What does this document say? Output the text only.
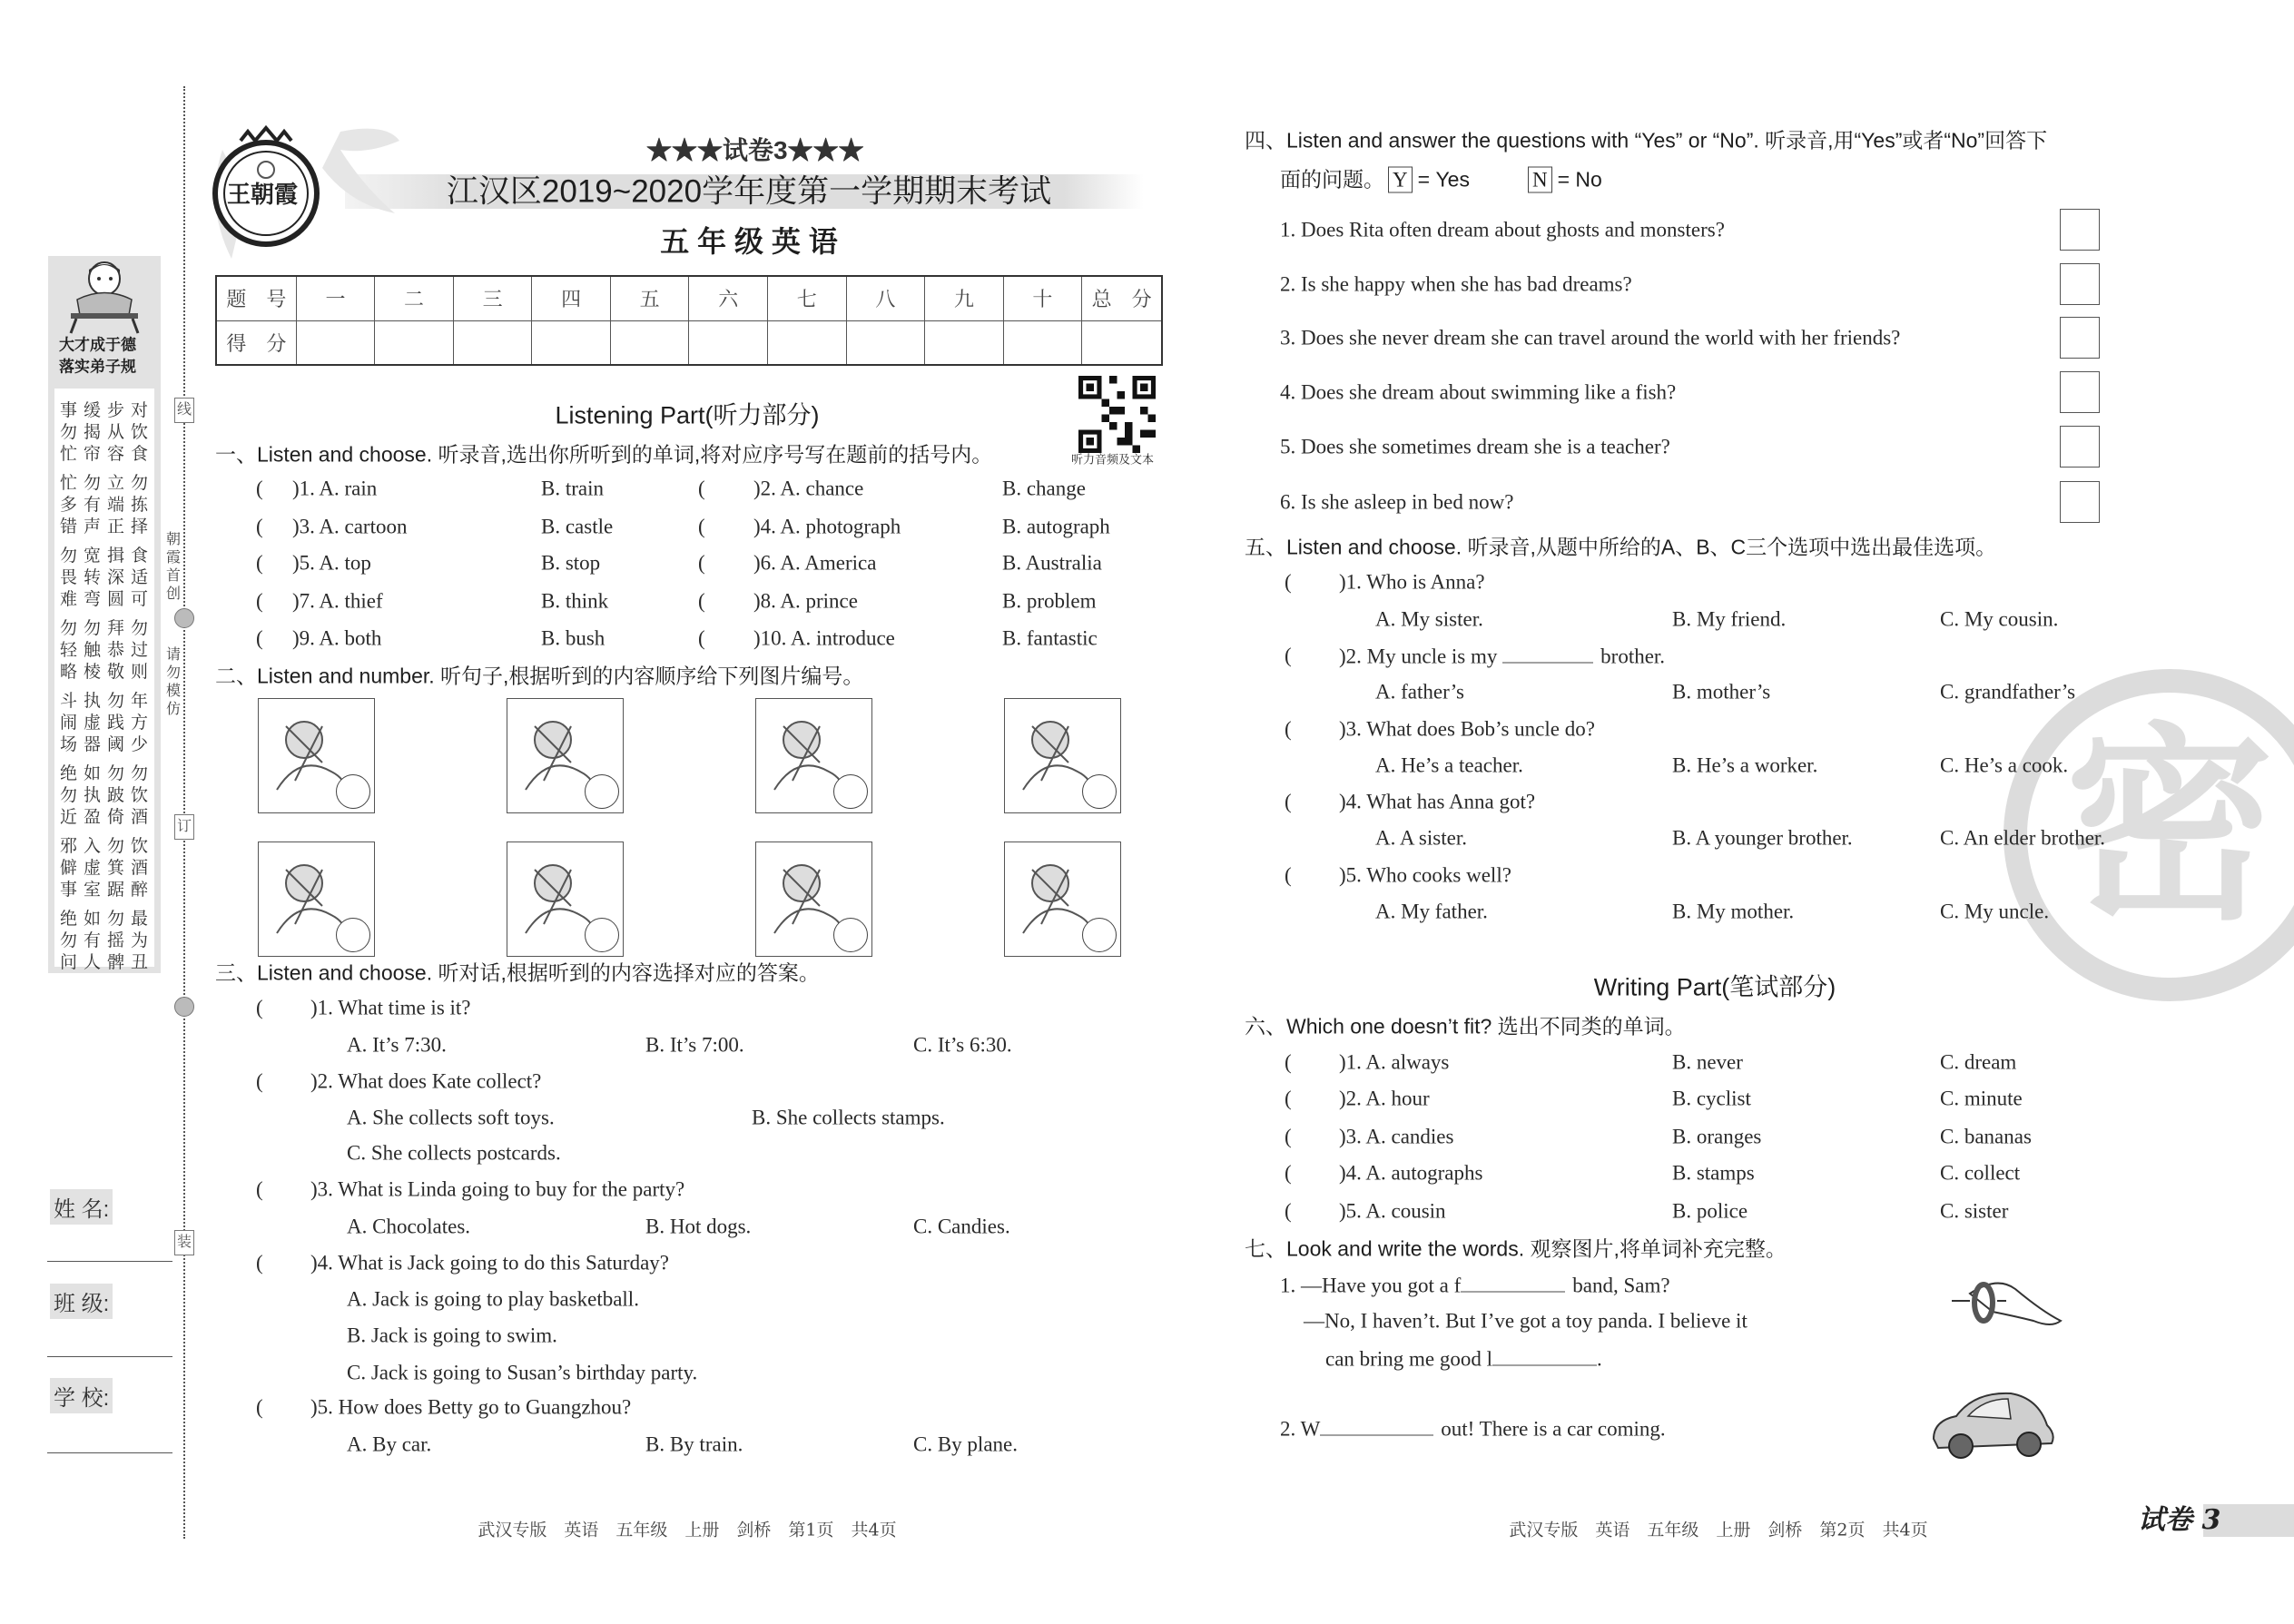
王朝霞
密
试卷 3
大才成于德
落实弟子规
事缓步对
勿揭从饮
忙帘容食
忙勿立勿
多有端拣
错声正择
勿宽揖食
畏转深适
难弯圆可
勿勿拜勿
轻触恭过
略棱敬则
斗执勿年
闹虚践方
场器阈少
绝如勿勿
勿执跛饮
近盈倚酒
邪入勿饮
僻虚箕酒
事室踞醉
绝如勿最
勿有摇为
问人髀丑
线
订
装
朝霞首创
请勿模仿
姓 名:
班 级:
学 校:
★★★试卷3★★★
江汉区2019~2020学年度第一学期期末考试
五 年 级 英 语
题　号	一	二	三	四	五	六	七	八	九	十	总　分
得　分											
Listening Part(听力部分)
听力音频及文本
一、Listen and choose. 听录音,选出你所听到的单词,将对应序号写在题前的括号内。
( )1. A. rain	B. train	( )2. A. chance	B. change
( )3. A. cartoon	B. castle	( )4. A. photograph	B. autograph
( )5. A. top	B. stop	( )6. A. America	B. Australia
( )7. A. thief	B. think	( )8. A. prince	B. problem
( )9. A. both	B. bush	( )10. A. introduce	B. fantastic
二、Listen and number. 听句子,根据听到的内容顺序给下列图片编号。
三、Listen and choose. 听对话,根据听到的内容选择对应的答案。
( )1. What time is it?
A. It’s 7:30.	B. It’s 7:00.	C. It’s 6:30.
( )2. What does Kate collect?
A. She collects soft toys.	B. She collects stamps.
C. She collects postcards.
( )3. What is Linda going to buy for the party?
A. Chocolates.	B. Hot dogs.	C. Candies.
( )4. What is Jack going to do this Saturday?
A. Jack is going to play basketball.
B. Jack is going to swim.
C. Jack is going to Susan’s birthday party.
( )5. How does Betty go to Guangzhou?
A. By car.	B. By train.	C. By plane.
武汉专版　英语　五年级　上册　剑桥　第1页　共4页
四、Listen and answer the questions with “Yes” or “No”. 听录音,用“Yes”或者“No”回答下
面的问题。 Y = Yes	N = No
1. Does Rita often dream about ghosts and monsters?
2. Is she happy when she has bad dreams?
3. Does she never dream she can travel around the world with her friends?
4. Does she dream about swimming like a fish?
5. Does she sometimes dream she is a teacher?
6. Is she asleep in bed now?
五、Listen and choose. 听录音,从题中所给的A、B、C三个选项中选出最佳选项。
( )1. Who is Anna?
A. My sister.	B. My friend.	C. My cousin.
( )2. My uncle is my	brother.
A. father’s	B. mother’s	C. grandfather’s
( )3. What does Bob’s uncle do?
A. He’s a teacher.	B. He’s a worker.	C. He’s a cook.
( )4. What has Anna got?
A. A sister.	B. A younger brother.	C. An elder brother.
( )5. Who cooks well?
A. My father.	B. My mother.	C. My uncle.
Writing Part(笔试部分)
六、Which one doesn’t fit? 选出不同类的单词。
( )1. A. always	B. never	C. dream
( )2. A. hour	B. cyclist	C. minute
( )3. A. candies	B. oranges	C. bananas
( )4. A. autographs	B. stamps	C. collect
( )5. A. cousin	B. police	C. sister
七、Look and write the words. 观察图片,将单词补充完整。
1. —Have you got a f	band, Sam?
—No, I haven’t. But I’ve got a toy panda. I believe it
can bring me good l	.
2. W	out! There is a car coming.
武汉专版　英语　五年级　上册　剑桥　第2页　共4页
